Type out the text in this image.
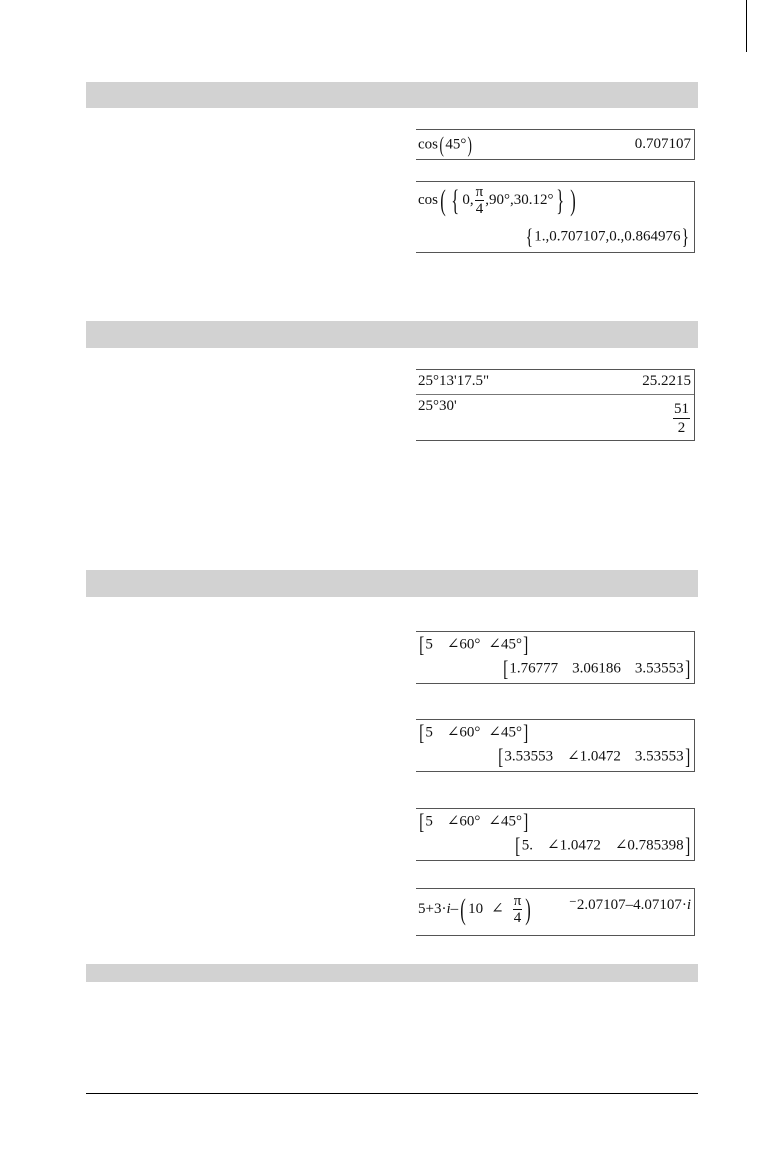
cos(45°)	0.707107
cos( { 0, $\frac{\pi}{4} ,90^\circ,30.12^\circ$ } )
{ 1.,0.707107,0.,0.864976}
25°13'17.5"	25.2215
25°30'	$\frac{51}{2}$
[5 ∠60° ∠45°]
[1.76777 3.06186 3.53553]
[5 ∠60° ∠45°]
[3.53553 ∠1.0472 3.53553]
[5 ∠60° ∠45°]
[5. ∠1.0472 ∠0.785398]
5+3·i–( 10 ∠ $\frac{\pi}{4}$ )	⁻2.07107–4.07107·i
